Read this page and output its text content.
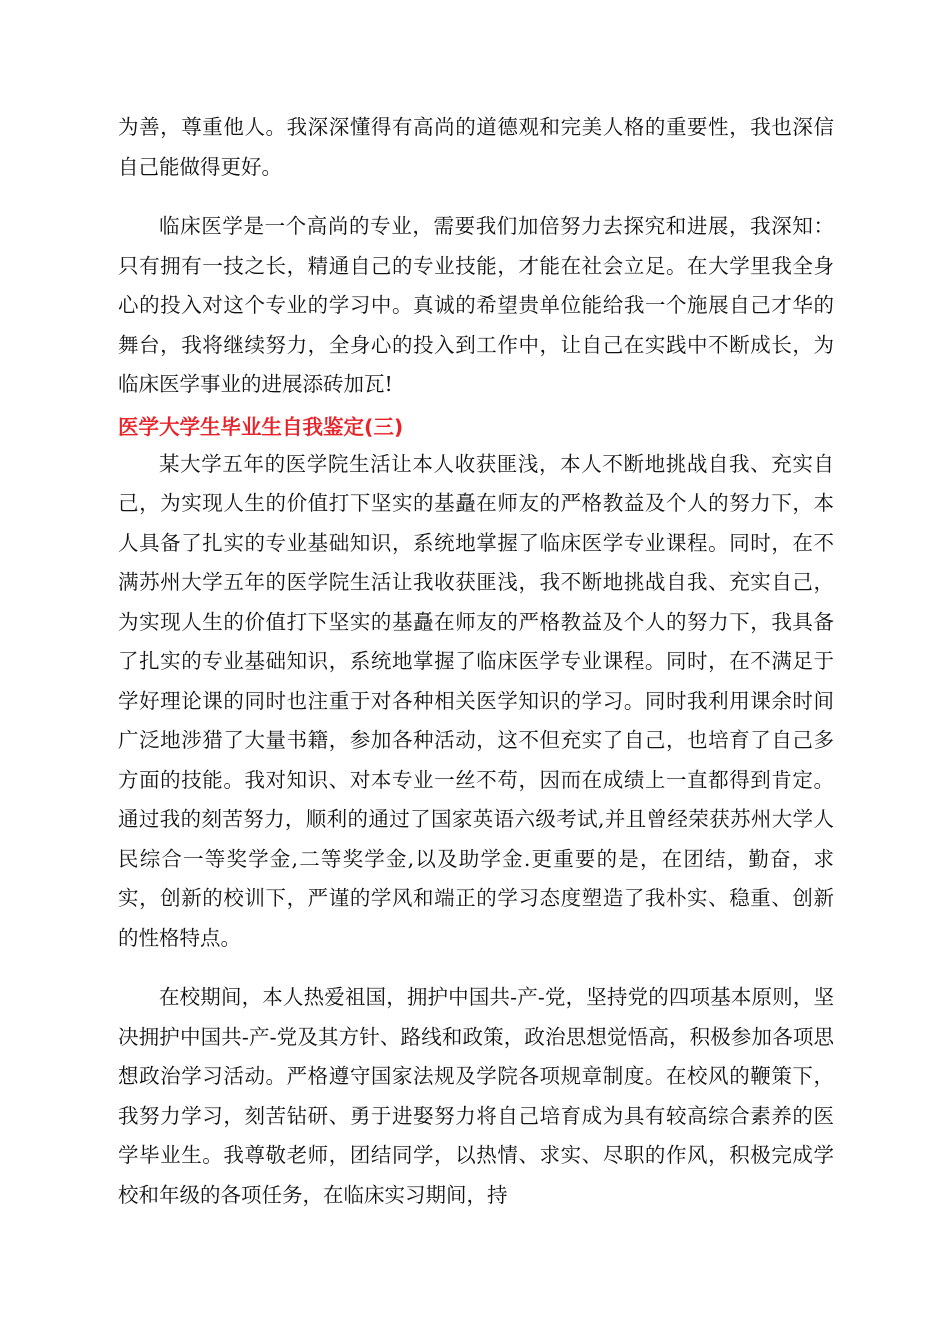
为善，尊重他人。我深深懂得有高尚的道德观和完美人格的重要性，我也深信自己能做得更好。

临床医学是一个高尚的专业，需要我们加倍努力去探究和进展，我深知：只有拥有一技之长，精通自己的专业技能，才能在社会立足。在大学里我全身心的投入对这个专业的学习中。真诚的希望贵单位能给我一个施展自己才华的舞台，我将继续努力，全身心的投入到工作中，让自己在实践中不断成长，为临床医学事业的进展添砖加瓦!

医学大学生毕业生自我鉴定(三)

某大学五年的医学院生活让本人收获匪浅，本人不断地挑战自我、充实自己，为实现人生的价值打下坚实的基矗在师友的严格教益及个人的努力下，本人具备了扎实的专业基础知识，系统地掌握了临床医学专业课程。同时，在不满苏州大学五年的医学院生活让我收获匪浅，我不断地挑战自我、充实自己，为实现人生的价值打下坚实的基矗在师友的严格教益及个人的努力下，我具备了扎实的专业基础知识，系统地掌握了临床医学专业课程。同时，在不满足于学好理论课的同时也注重于对各种相关医学知识的学习。同时我利用课余时间广泛地涉猎了大量书籍，参加各种活动，这不但充实了自己，也培育了自己多方面的技能。我对知识、对本专业一丝不苟，因而在成绩上一直都得到肯定。通过我的刻苦努力，顺利的通过了国家英语六级考试,并且曾经荣获苏州大学人民综合一等奖学金,二等奖学金,以及助学金.更重要的是，在团结，勤奋，求实，创新的校训下，严谨的学风和端正的学习态度塑造了我朴实、稳重、创新的性格特点。

在校期间，本人热爱祖国，拥护中国共-产-党，坚持党的四项基本原则，坚决拥护中国共-产-党及其方针、路线和政策，政治思想觉悟高，积极参加各项思想政治学习活动。严格遵守国家法规及学院各项规章制度。在校风的鞭策下，我努力学习，刻苦钻研、勇于进娶努力将自己培育成为具有较高综合素养的医学毕业生。我尊敬老师，团结同学，以热情、求实、尽职的作风，积极完成学校和年级的各项任务，在临床实习期间，持
